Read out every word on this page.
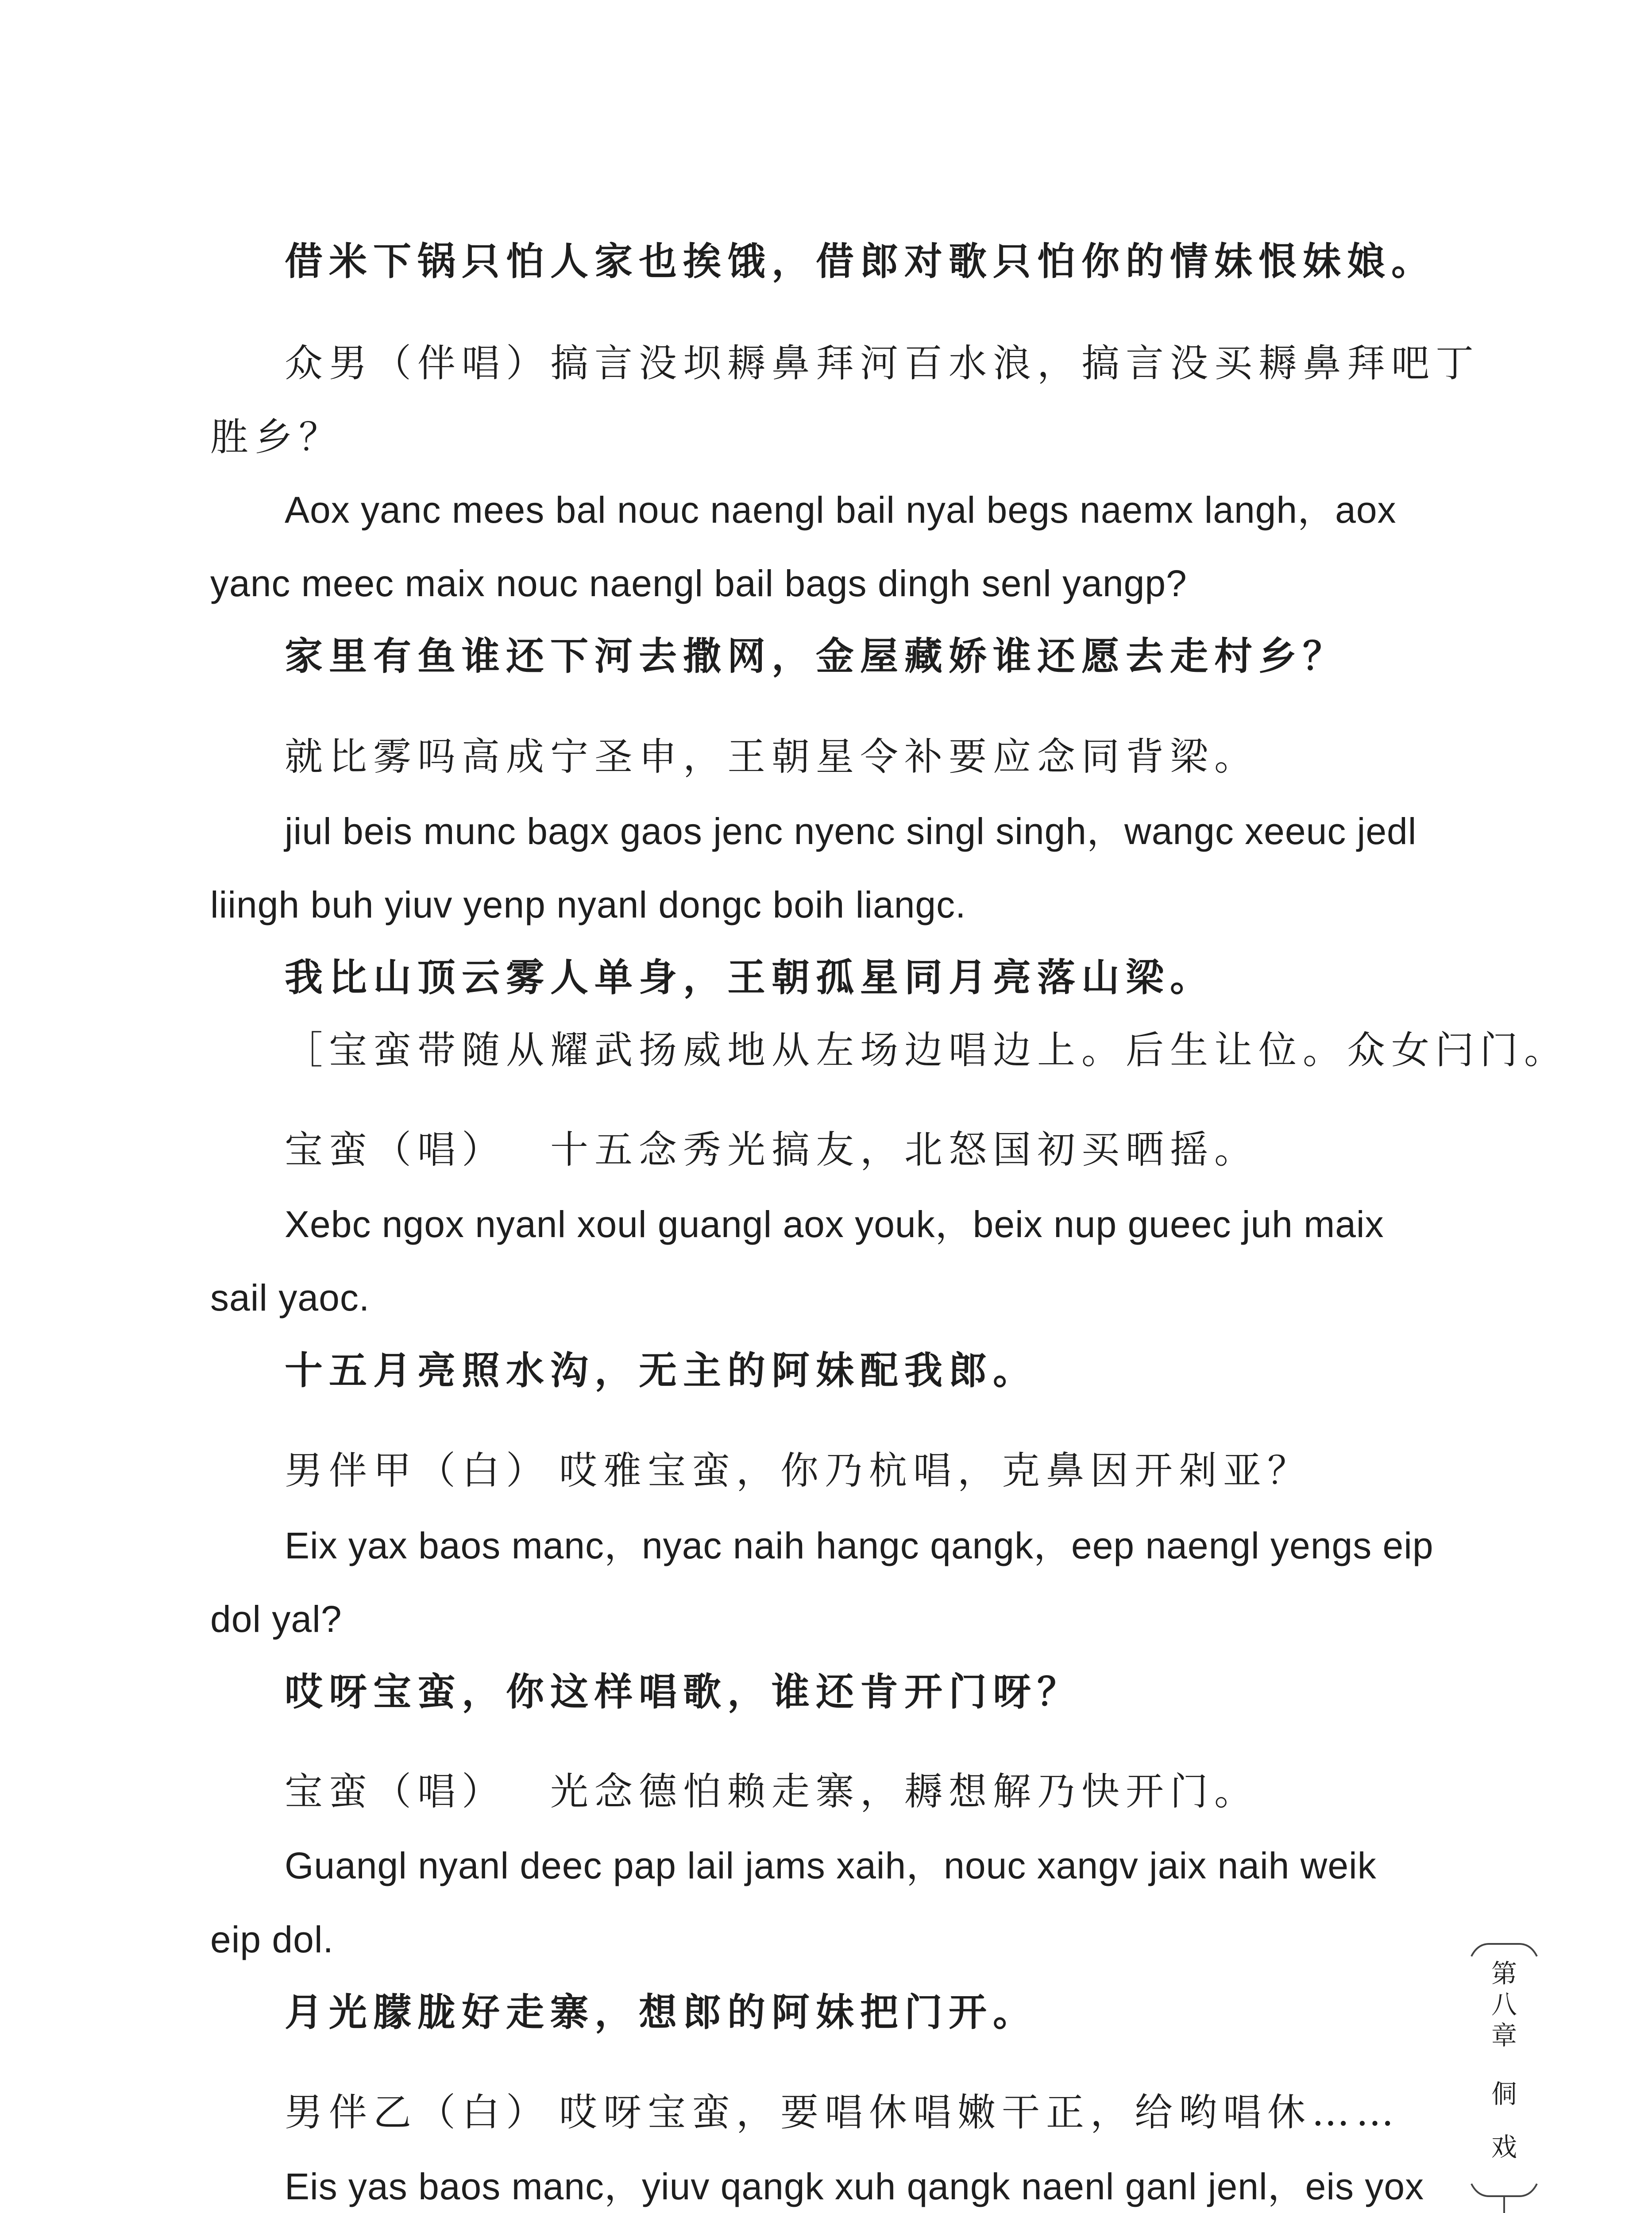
借米下锅只怕人家也挨饿，借郎对歌只怕你的情妹恨妹娘。
众男（伴唱）搞言没坝耨鼻拜河百水浪，搞言没买耨鼻拜吧丁
胜乡？
Aox yanc mees bal nouc naengl bail nyal begs naemx langh，aox
yanc meec maix nouc naengl bail bags dingh senl yangp?
家里有鱼谁还下河去撒网，金屋藏娇谁还愿去走村乡？
就比雾吗高成宁圣申，王朝星令补要应念同背梁。
jiul beis munc bagx gaos jenc nyenc singl singh，wangc xeeuc jedl
liingh buh yiuv yenp nyanl dongc boih liangc.
我比山顶云雾人单身，王朝孤星同月亮落山梁。
［宝蛮带随从耀武扬威地从左场边唱边上。后生让位。众女闩门。
宝蛮（唱） 十五念秀光搞友，北怒国初买晒摇。
Xebc ngox nyanl xoul guangl aox youk，beix nup gueec juh maix
sail yaoc.
十五月亮照水沟，无主的阿妹配我郎。
男伴甲（白） 哎雅宝蛮，你乃杭唱，克鼻因开剁亚？
Eix yax baos manc，nyac naih hangc qangk，eep naengl yengs eip
dol yal?
哎呀宝蛮，你这样唱歌，谁还肯开门呀？
宝蛮（唱） 光念德怕赖走寨，耨想解乃快开门。
Guangl nyanl deec pap lail jams xaih，nouc xangv jaix naih weik
eip dol.
月光朦胧好走寨，想郎的阿妹把门开。
男伴乙（白） 哎呀宝蛮，要唱休唱嫩干正，给哟唱休……
Eis yas baos manc，yiuv qangk xuh qangk naenl ganl jenl，eis yox
第
八
章
侗
戏
